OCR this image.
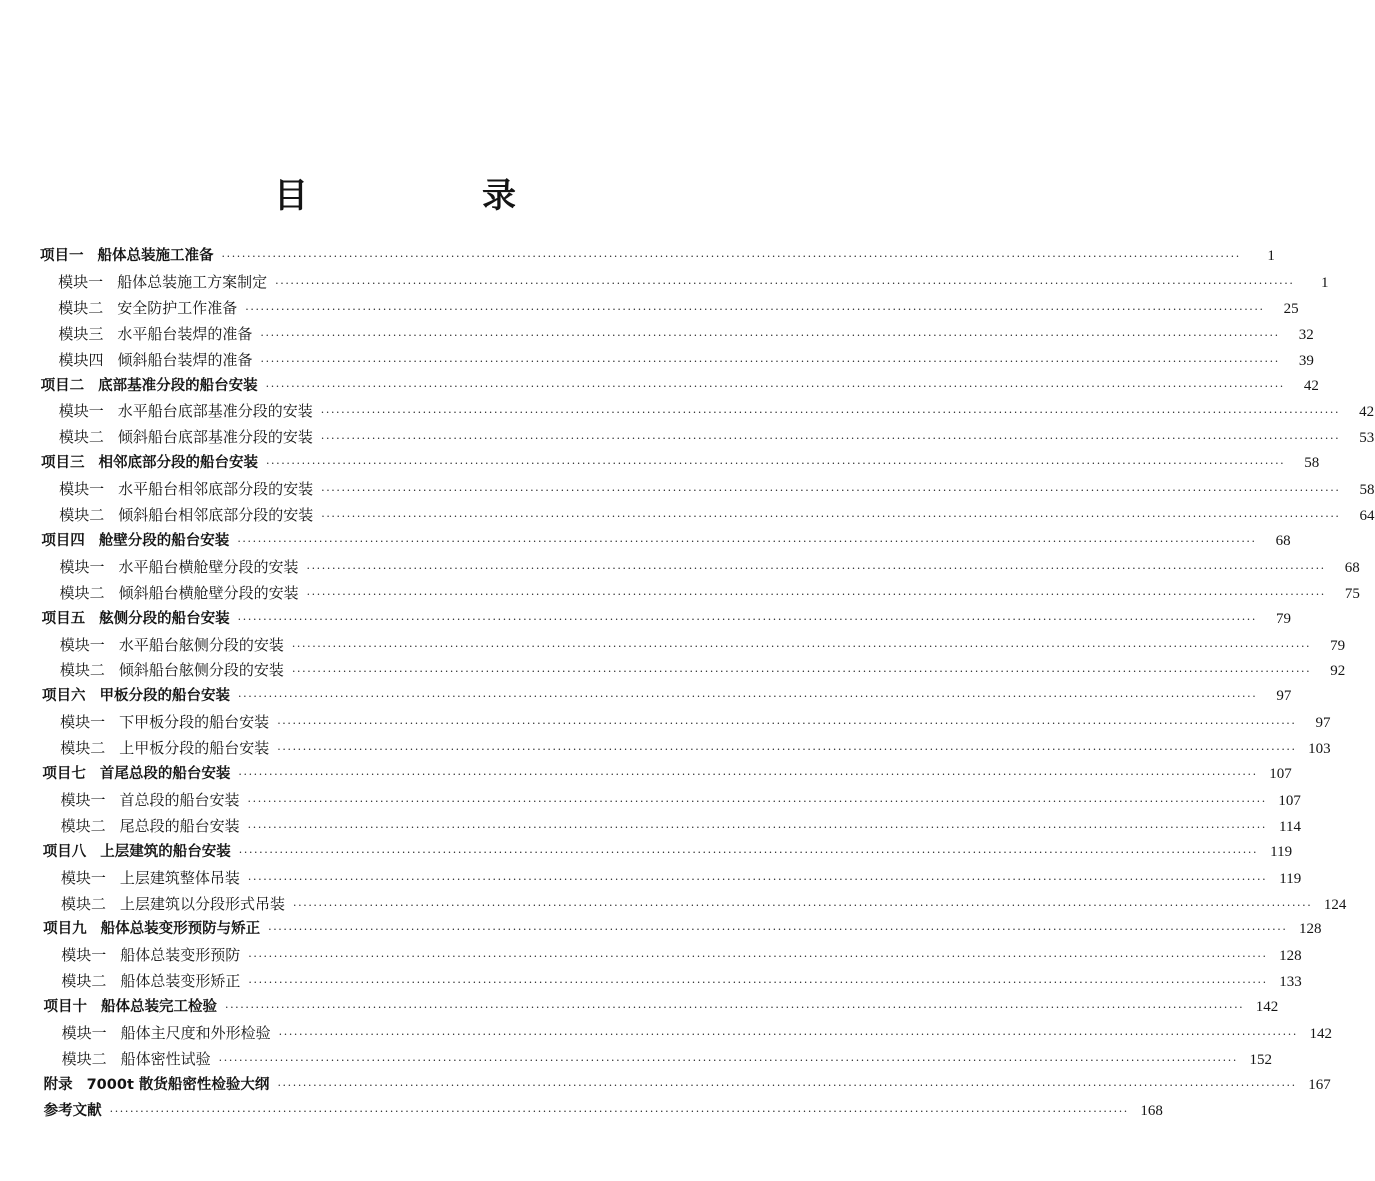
目　录
项目一 船体总装施工准备 ········································································································································································································	1
模块一 船体总装施工方案制定 ········································································································································································································	1
模块二 安全防护工作准备 ········································································································································································································	25
模块三 水平船台装焊的准备 ········································································································································································································	32
模块四 倾斜船台装焊的准备 ········································································································································································································	39
项目二 底部基准分段的船台安装 ········································································································································································································	42
模块一 水平船台底部基准分段的安装 ········································································································································································································	42
模块二 倾斜船台底部基准分段的安装 ········································································································································································································	53
项目三 相邻底部分段的船台安装 ········································································································································································································	58
模块一 水平船台相邻底部分段的安装 ········································································································································································································	58
模块二 倾斜船台相邻底部分段的安装 ········································································································································································································	64
项目四 舱壁分段的船台安装 ········································································································································································································	68
模块一 水平船台横舱壁分段的安装 ········································································································································································································	68
模块二 倾斜船台横舱壁分段的安装 ········································································································································································································	75
项目五 舷侧分段的船台安装 ········································································································································································································	79
模块一 水平船台舷侧分段的安装 ········································································································································································································	79
模块二 倾斜船台舷侧分段的安装 ········································································································································································································	92
项目六 甲板分段的船台安装 ········································································································································································································	97
模块一 下甲板分段的船台安装 ········································································································································································································	97
模块二 上甲板分段的船台安装 ········································································································································································································ 103
项目七 首尾总段的船台安装 ········································································································································································································ 107
模块一 首总段的船台安装 ········································································································································································································ 107
模块二 尾总段的船台安装 ········································································································································································································ 114
项目八 上层建筑的船台安装 ········································································································································································································ 119
模块一 上层建筑整体吊装 ········································································································································································································ 119
模块二 上层建筑以分段形式吊装 ········································································································································································································ 124
项目九 船体总装变形预防与矫正 ········································································································································································································ 128
模块一 船体总装变形预防 ········································································································································································································ 128
模块二 船体总装变形矫正 ········································································································································································································ 133
项目十 船体总装完工检验 ········································································································································································································ 142
模块一 船体主尺度和外形检验 ········································································································································································································ 142
模块二 船体密性试验 ········································································································································································································ 152
附录 7000t 散货船密性检验大纲 ········································································································································································································ 167
参考文献 ········································································································································································································ 168
